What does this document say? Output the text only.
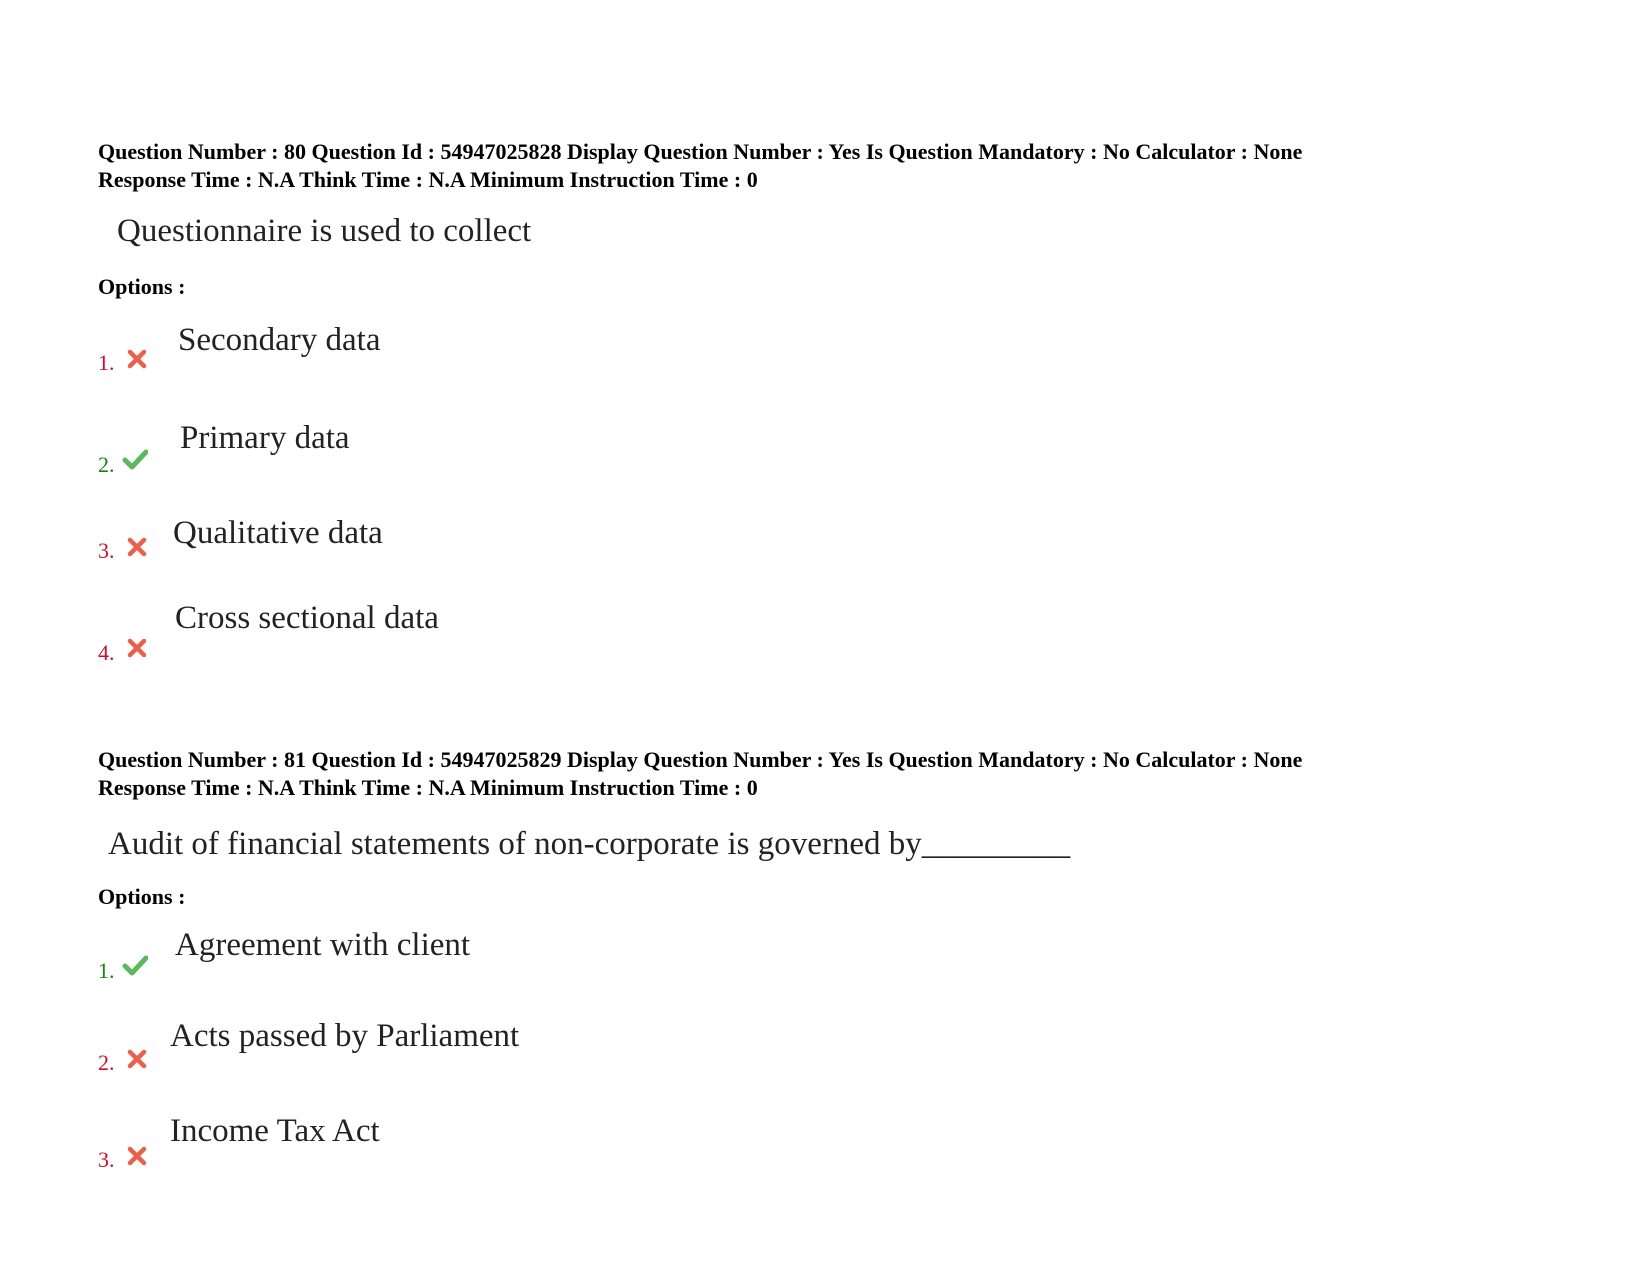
Question Number : 80 Question Id : 54947025828 Display Question Number : Yes Is Question Mandatory : No Calculator : None
Response Time : N.A Think Time : N.A Minimum Instruction Time : 0
Questionnaire is used to collect
Options :
1.
Secondary data
2.
Primary data
3. Qualitative data
4.
Cross sectional data
Question Number : 81 Question Id : 54947025829 Display Question Number : Yes Is Question Mandatory : No Calculator : None
Response Time : N.A Think Time : N.A Minimum Instruction Time : 0
Audit of financial statements of non-corporate is governed by_________
Options :
1.
Agreement with client
2.
Acts passed by Parliament
3.
Income Tax Act
